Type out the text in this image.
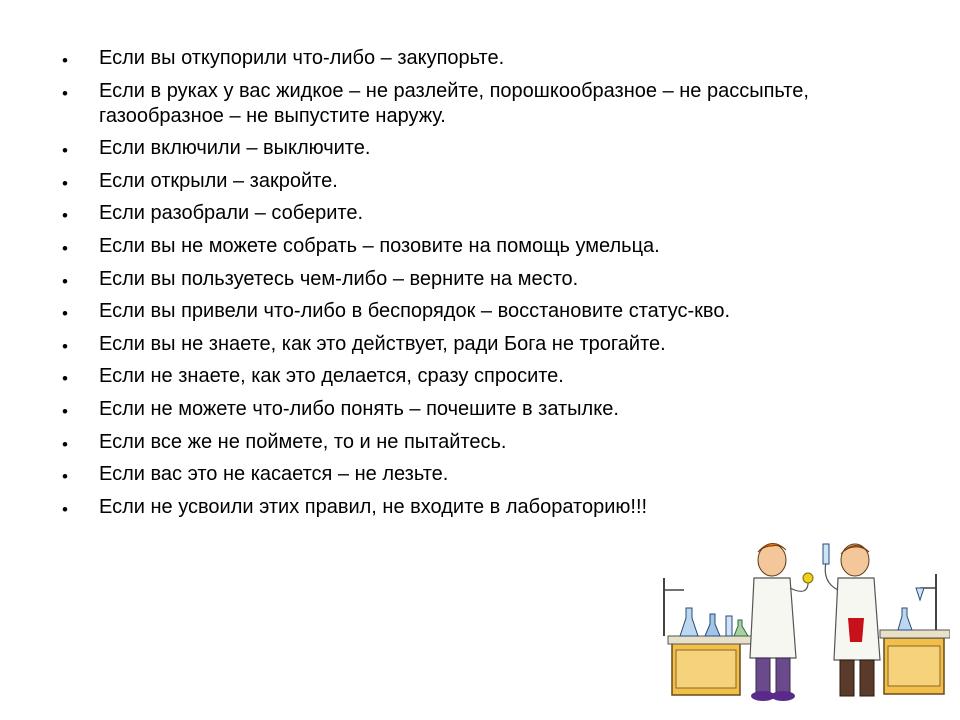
• Если вы откупорили что-либо – закупорьте.
• Если в руках у вас жидкое – не разлейте, порошкообразное – не рассыпьте, газообразное – не выпустите наружу.
• Если включили – выключите.
• Если открыли – закройте.
• Если разобрали – соберите.
• Если вы не можете собрать – позовите на помощь умельца.
• Если вы пользуетесь чем-либо – верните на место.
• Если вы привели что-либо в беспорядок – восстановите статус-кво.
• Если вы не знаете, как это действует, ради Бога не трогайте.
• Если не знаете, как это делается, сразу спросите.
• Если не можете что-либо понять – почешите в затылке.
• Если все же не поймете, то и не пытайтесь.
• Если вас это не касается – не лезьте.
• Если не усвоили этих правил, не входите в лабораторию!!!
